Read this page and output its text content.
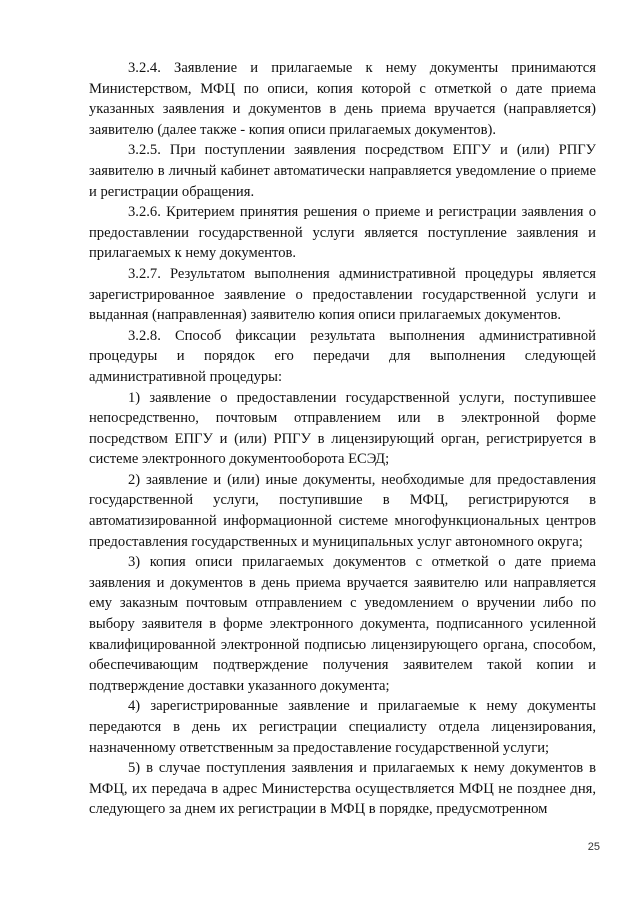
3.2.4. Заявление и прилагаемые к нему документы принимаются Министерством, МФЦ по описи, копия которой с отметкой о дате приема указанных заявления и документов в день приема вручается (направляется) заявителю (далее также - копия описи прилагаемых документов).

3.2.5. При поступлении заявления посредством ЕПГУ и (или) РПГУ заявителю в личный кабинет автоматически направляется уведомление о приеме и регистрации обращения.

3.2.6. Критерием принятия решения о приеме и регистрации заявления о предоставлении государственной услуги является поступление заявления и прилагаемых к нему документов.

3.2.7. Результатом выполнения административной процедуры является зарегистрированное заявление о предоставлении государственной услуги и выданная (направленная) заявителю копия описи прилагаемых документов.

3.2.8. Способ фиксации результата выполнения административной процедуры и порядок его передачи для выполнения следующей административной процедуры:

1) заявление о предоставлении государственной услуги, поступившее непосредственно, почтовым отправлением или в электронной форме посредством ЕПГУ и (или) РПГУ в лицензирующий орган, регистрируется в системе электронного документооборота ЕСЭД;

2) заявление и (или) иные документы, необходимые для предоставления государственной услуги, поступившие в МФЦ, регистрируются в автоматизированной информационной системе многофункциональных центров предоставления государственных и муниципальных услуг автономного округа;

3) копия описи прилагаемых документов с отметкой о дате приема заявления и документов в день приема вручается заявителю или направляется ему заказным почтовым отправлением с уведомлением о вручении либо по выбору заявителя в форме электронного документа, подписанного усиленной квалифицированной электронной подписью лицензирующего органа, способом, обеспечивающим подтверждение получения заявителем такой копии и подтверждение доставки указанного документа;

4) зарегистрированные заявление и прилагаемые к нему документы передаются в день их регистрации специалисту отдела лицензирования, назначенному ответственным за предоставление государственной услуги;

5) в случае поступления заявления и прилагаемых к нему документов в МФЦ, их передача в адрес Министерства осуществляется МФЦ не позднее дня, следующего за днем их регистрации в МФЦ в порядке, предусмотренном

25
